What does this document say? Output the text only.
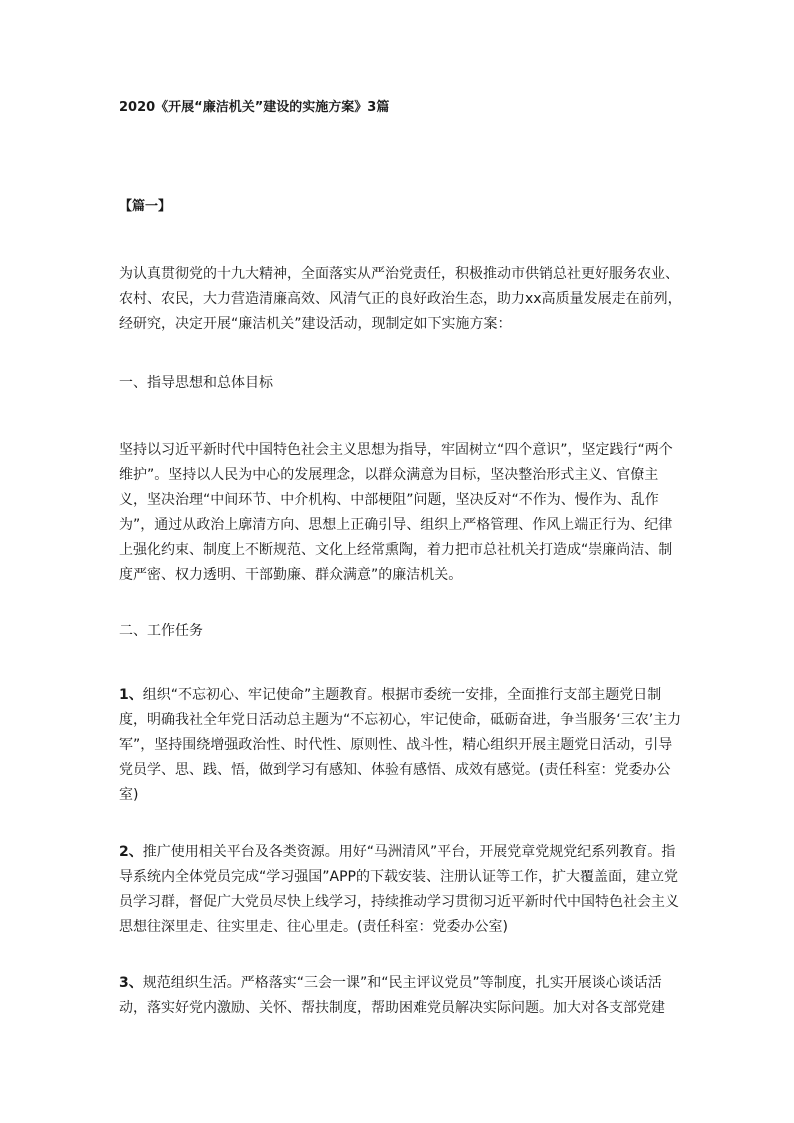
2020《开展“廉洁机关”建设的实施方案》3篇

【篇一】

为认真贯彻党的十九大精神，全面落实从严治党责任，积极推动市供销总社更好服务农业、农村、农民，大力营造清廉高效、风清气正的良好政治生态，助力xx高质量发展走在前列，经研究，决定开展“廉洁机关”建设活动，现制定如下实施方案：

一、指导思想和总体目标

坚持以习近平新时代中国特色社会主义思想为指导，牢固树立“四个意识”，坚定践行“两个维护”。坚持以人民为中心的发展理念，以群众满意为目标，坚决整治形式主义、官僚主义，坚决治理“中间环节、中介机构、中部梗阻”问题，坚决反对“不作为、慢作为、乱作为”，通过从政治上廓清方向、思想上正确引导、组织上严格管理、作风上端正行为、纪律上强化约束、制度上不断规范、文化上经常熏陶，着力把市总社机关打造成“崇廉尚洁、制度严密、权力透明、干部勤廉、群众满意”的廉洁机关。

二、工作任务

1、组织“不忘初心、牢记使命”主题教育。根据市委统一安排，全面推行支部主题党日制度，明确我社全年党日活动总主题为“不忘初心，牢记使命，砥砺奋进，争当服务‘三农’主力军”，坚持围绕增强政治性、时代性、原则性、战斗性，精心组织开展主题党日活动，引导党员学、思、践、悟，做到学习有感知、体验有感悟、成效有感觉。(责任科室：党委办公室)

2、推广使用相关平台及各类资源。用好“马洲清风”平台，开展党章党规党纪系列教育。指导系统内全体党员完成“学习强国”APP的下载安装、注册认证等工作，扩大覆盖面，建立党员学习群，督促广大党员尽快上线学习，持续推动学习贯彻习近平新时代中国特色社会主义思想往深里走、往实里走、往心里走。(责任科室：党委办公室)

3、规范组织生活。严格落实“三会一课”和“民主评议党员”等制度，扎实开展谈心谈话活动，落实好党内激励、关怀、帮扶制度，帮助困难党员解决实际问题。加大对各支部党建
